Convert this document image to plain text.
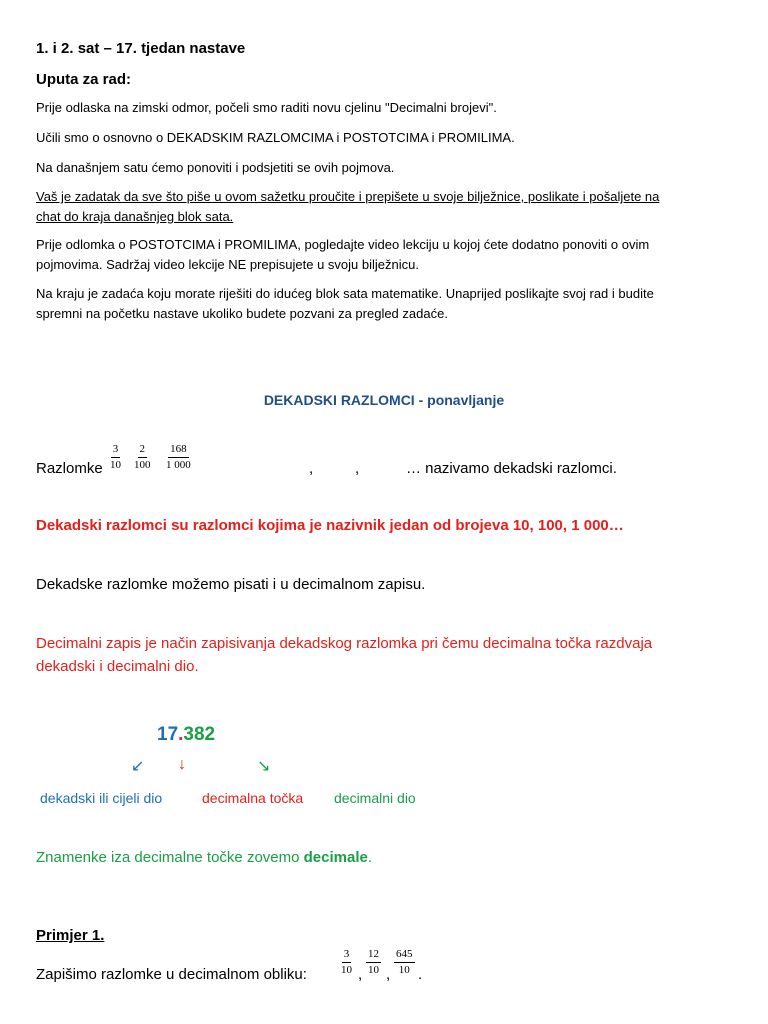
1. i 2. sat – 17. tjedan nastave
Uputa za rad:
Prije odlaska na zimski odmor, počeli smo raditi novu cjelinu "Decimalni brojevi".
Učili smo o osnovno o DEKADSKIM RAZLOMCIMA i POSTOTCIMA i PROMILIMA.
Na današnjem satu ćemo ponoviti i podsjetiti se ovih pojmova.
Vaš je zadatak da sve što piše u ovom sažetku proučite i prepišete u svoje bilježnice, poslikate i pošaljete na
chat do kraja današnjeg blok sata.
Prije odlomka o POSTOTCIMA i PROMILIMA, pogledajte video lekciju u kojoj ćete dodatno ponoviti o ovim
pojmovima. Sadržaj video lekcije NE prepisujete u svoju bilježnicu.
Na kraju je zadaća koju morate riješiti do idućeg blok sata matematike. Unaprijed poslikajte svoj rad i budite
spremni na početku nastave ukoliko budete pozvani za pregled zadaće.
DEKADSKI RAZLOMCI - ponavljanje
Razlomke $\frac{3}{10} \frac{2}{100} \frac{168}{1 000}$	,	,	… nazivamo dekadski razlomci.
Dekadski razlomci su razlomci kojima je nazivnik jedan od brojeva 10, 100, 1 000…
Dekadske razlomke možemo pisati i u decimalnom zapisu.
Decimalni zapis je način zapisivanja dekadskog razlomka pri čemu decimalna točka razdvaja
dekadski i decimalni dio.
17.382
↙ ↓	↘
dekadski ili cijeli dio	decimalna točka decimalni dio
Znamenke iza decimalne točke zovemo decimale.
Primjer 1.
Zapišimo razlomke u decimalnom obliku:	$\frac{3}{10}$ , $\frac{12}{10}$ , $\frac{645}{10}$ .
